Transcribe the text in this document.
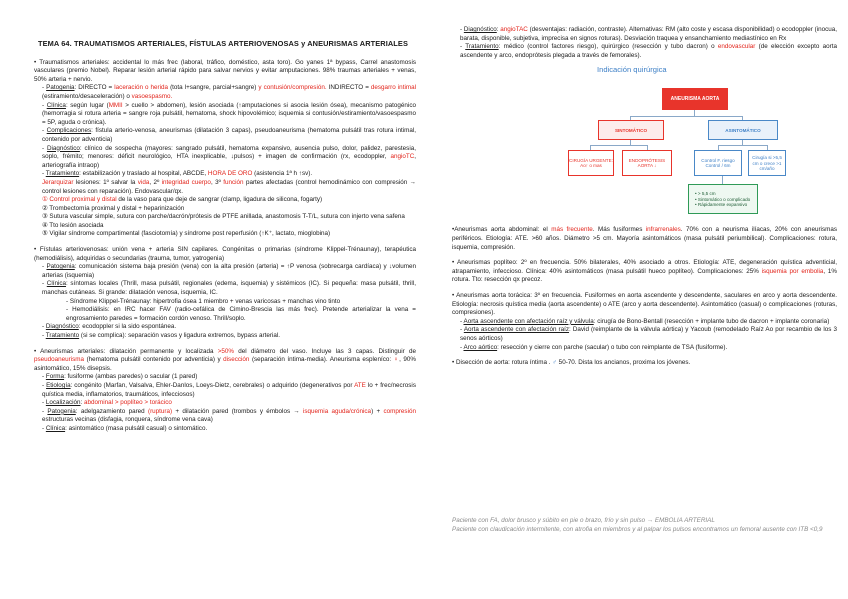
TEMA 64. TRAUMATISMOS ARTERIALES, FÍSTULAS ARTERIOVENOSAS y ANEURISMAS ARTERIALES

• Traumatismos arteriales: accidental lo más frec (laboral, tráfico, doméstico, asta toro). Go yanes 1ª bypass, Carrel anastomosis vasculares (premio Nobel). Reparar lesión arterial rápido para salvar nervios y evitar amputaciones. 98% traumas arteriales + venas, 50% arteria + nervio.

- Patogenia: DIRECTO = laceración o herida (tota l+sangre, parcial+sangre) y contusión/compresión. INDIRECTO = desgarro intimal (estiramiento/desaceleración) o vasoespasmo.

- Clínica: según lugar (MMII > cuello > abdomen), lesión asociada (↑amputaciones si asocia lesión ósea), mecanismo patogénico (hemorragia si rotura arteria = sangre roja pulsátil, hematoma, shock hipovolémico; isquemia si contusión/estiramiento/vasoespasmo = 5P, aguda o crónica).

- Complicaciones: fístula arterio-venosa, aneurismas (dilatación 3 capas), pseudoaneurisma (hematoma pulsátil tras rotura intimal, contenido por adventicia)

- Diagnóstico: clínico de sospecha (mayores: sangrado pulsátil, hematoma expansivo, ausencia pulso, dolor, palidez, parestesia, soplo, frémito; menores: déficit neurológico, HTA inexplicable, ↓pulsos) + imagen de confirmación (rx, ecodoppler, angioTC, arteriografía intraop)

- Tratamiento: estabilización y traslado al hospital, ABCDE, HORA DE ORO (asistencia 1ª h ↑sv).

Jerarquizar lesiones: 1º salvar la vida, 2º integridad cuerpo, 3º función partes afectadas (control hemodinámico con compresión → control lesiones con reparación). Endovascular/qx.

① Control proximal y distal de la vaso para que deje de sangrar (clamp, ligadura de silicona, fogarty)

② Trombectomía proximal y distal + heparinización

③ Sutura vascular simple, sutura con parche/dacrón/prótesis de PTFE anillada, anastomosis T-T/L, sutura con injerto vena safena

④ Tto lesión asociada

⑤ Vigilar síndrome compartimental (fasciotomía) y síndrome post reperfusión (↑K⁺, lactato, mioglobina)

• Fístulas arteriovenosas: unión vena + arteria SIN capilares. Congénitas o primarias (síndrome Klippel-Trénaunay), terapéutica (hemodiálisis), adquiridas o secundarias (trauma, tumor, yatrogenia)

- Patogenia: comunicación sistema baja presión (vena) con la alta presión (arteria) = ↑P venosa (sobrecarga cardíaca) y ↓volumen arterias (isquemia)

- Clínica: síntomas locales (Thrill, masa pulsátil, regionales (edema, isquemia) y sistémicos (IC). Si pequeña: masa pulsátil, thrill, manchas cutáneas. Si grande: dilatación venosa, isquemia, IC.

- Síndrome Klippel-Trénaunay: hipertrofia ósea 1 miembro + venas varicosas + manchas vino tinto

- Hemodiálisis: en IRC hacer FAV (radio-cefálica de Cimino-Brescia las más frec). Pretende arterializar la vena = engrosamiento paredes = formación cordón venoso. Thrill/soplo.

- Diagnóstico: ecodoppler si la sido espontánea.

- Tratamiento (si se complica): separación vasos y ligadura extremos, bypass arterial.

• Aneurismas arteriales: dilatación permanente y localizada >50% del diámetro del vaso. Incluye las 3 capas. Distinguir de pseudoaneurisma (hematoma pulsátil contenido por adventicia) y disección (separación íntima-media). Aneurisma espleníco: ♀, 90% asintomático, 15% disepsis.

- Forma: fusiforme (ambas paredes) o sacular (1 pared)

- Etiología: congénito (Marfan, Valsalva, Ehler-Danlos, Loeys-Dietz, cerebrales) o adquirido (degenerativos por ATE lo + frec/necrosis quística media, inflamatorios, traumáticos, infecciosos)

- Localización: abdominal > poplíteo > torácico

- Patogenia: adelgazamiento pared (ruptura) + dilatación pared (trombos y émbolos → isquemia aguda/crónica) + compresión estructuras vecinas (disfagia, ronquera, síndrome vena cava)

- Clínica: asintomático (masa pulsátil casual) o sintomático.

- Diagnóstico: angioTAC (desventajas: radiación, contraste). Alternativas: RM (alto coste y escasa disponibilidad) o ecodoppler (inocua, barata, disponible, subjetiva, imprecisa en signos roturas). Desviación traquea y ensanchamiento mediastínico en Rx

- Tratamiento: médico (control factores riesgo), quirúrgico (resección y tubo dacron) o endovascular (de elección excepto aorta ascendente y arco, endoprótesis plegada a través de femorales).

Indicación quirúrgica
ANEURISMA AORTA
SINTOMÁTICO	ASINTOMÁTICO
CIRUGÍA URGENTE: Ao↑ o mas
ENDOPRÓTESIS AORTA ↓
Control F. riesgo Control / 6m
Cirugía si >5,5 cm o crece >1 cm/año
• > 5,5 cm
• Sintomático o complicado
• Rápidamente expansivo

•Aneurismas aorta abdominal: el más frecuente. Más fusiformes infrarrenales. 70% con a neurisma ilíacas, 20% con aneurismas periféricos. Etiología: ATE. >60 años. Diámetro >5 cm. Mayoría asintomáticos (masa pulsátil periumbilical). Complicaciones: rotura, isquemia, compresión.

• Aneurismas poplíteo: 2º en frecuencia. 50% bilaterales, 40% asociado a otros. Etiología: ATE, degeneración quística adventicial, atrapamiento, infeccioso. Clínica: 40% asintomáticos (masa pulsátil hueco poplíteo). Complicaciones: 25% isquemia por embolia, 1% rotura. Tto: resección qx precoz.

• Aneurismas aorta torácica: 3º en frecuencia. Fusiformes en aorta ascendente y descendente, saculares en arco y aorta descendente. Etiología: necrosis quística media (aorta ascendente) o ATE (arco y aorta descendente). Asintomático (casual) o complicaciones (roturas, compresiones).

- Aorta ascendente con afectación raíz y válvula: cirugía de Bono-Bentall (resección + implante tubo de dacron + implante coronaria)

- Aorta ascendente con afectación raíz: David (reimplante de la válvula aórtica) y Yacoub (remodelado Raíz Ao por recambio de los 3 senos aórticos)

- Arco aórtico: resección y cierre con parche (sacular) o tubo con reimplante de TSA (fusiforme).

• Disección de aorta: rotura íntima . ♂ 50-70. Dista los ancianos, proxima los jóvenes.

Paciente con FA, dolor brusco y súbito en pie o brazo, frío y sin pulso → EMBOLIA ARTERIAL

Paciente con claudicación intermitente, con atrofia en miembros y al palpar los pulsos encontramos un femoral ausente con ITB <0,9
